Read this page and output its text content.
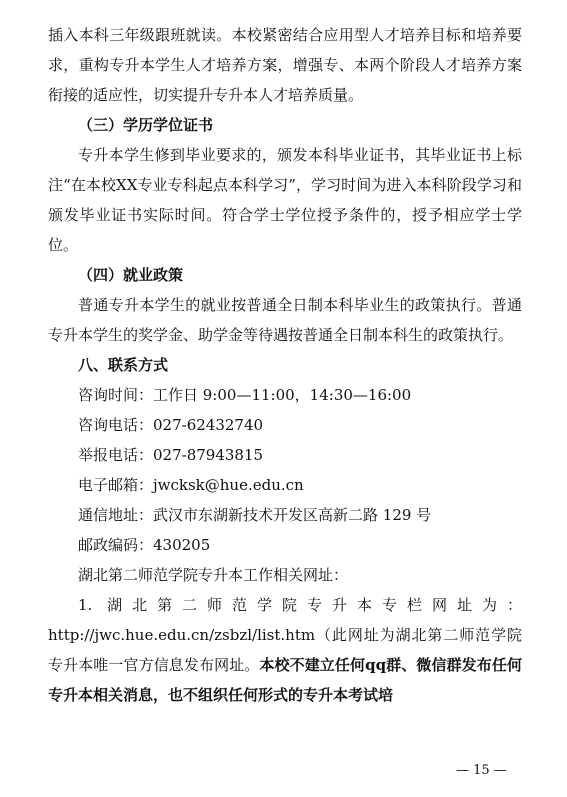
插入本科三年级跟班就读。本校紧密结合应用型人才培养目标和培养要求，重构专升本学生人才培养方案，增强专、本两个阶段人才培养方案衔接的适应性，切实提升专升本人才培养质量。

（三）学历学位证书

专升本学生修到毕业要求的，颁发本科毕业证书，其毕业证书上标注“在本校XX专业专科起点本科学习”，学习时间为进入本科阶段学习和颁发毕业证书实际时间。符合学士学位授予条件的，授予相应学士学位。

（四）就业政策

普通专升本学生的就业按普通全日制本科毕业生的政策执行。普通专升本学生的奖学金、助学金等待遇按普通全日制本科生的政策执行。

八、联系方式

咨询时间：工作日 9:00—11:00，14:30—16:00

咨询电话：027-62432740

举报电话：027-87943815

电子邮箱：jwcksk@hue.edu.cn

通信地址：武汉市东湖新技术开发区高新二路 129 号

邮政编码：430205

湖北第二师范学院专升本工作相关网址：

1. 湖北第二师范学院专升本专栏网址为：http://jwc.hue.edu.cn/zsbzl/list.htm（此网址为湖北第二师范学院专升本唯一官方信息发布网址。本校不建立任何qq群、微信群发布任何专升本相关消息，也不组织任何形式的专升本考试培

— 15 —
